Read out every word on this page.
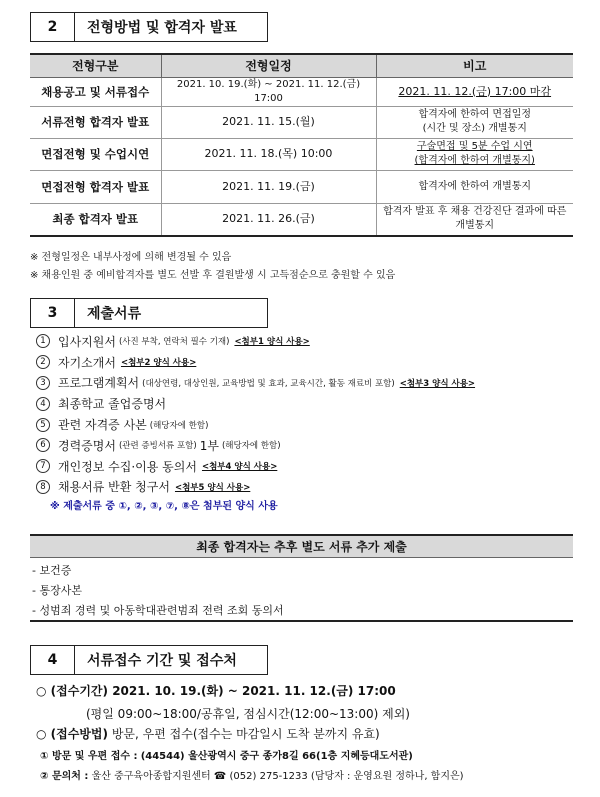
2	전형방법 및 합격자 발표
전형구분	전형일정	비고
채용공고 및 서류접수	2021. 10. 19.(화) ~ 2021. 11. 12.(금) 17:00	2021. 11. 12.(금) 17:00 마감
서류전형 합격자 발표	2021. 11. 15.(월)	합격자에 한하여 면접일정
(시간 및 장소) 개별통지

면접전형 및 수업시연	2021. 11. 18.(목) 10:00	구술면접 및 5분 수업 시연
(합격자에 한하여 개별통지)

면접전형 합격자 발표	2021. 11. 19.(금)	합격자에 한하여 개별통지
최종 합격자 발표	2021. 11. 26.(금)	합격자 발표 후 채용 건강진단 결과에 따른
개별통지
※ 전형일정은 내부사정에 의해 변경될 수 있음
※ 채용인원 중 예비합격자를 별도 선발 후 결원발생 시 고득점순으로 충원할 수 있음
3	제출서류
1	입사지원서 (사진 부착, 연락처 필수 기재) <첨부1 양식 사용>
2	자기소개서 <첨부2 양식 사용>
3	프로그램계획서 (대상연령, 대상인원, 교육방법 및 효과, 교육시간, 활동 재료비 포함) <첨부3 양식 사용>
4	최종학교 졸업증명서
5	관련 자격증 사본 (해당자에 한함)
6	경력증명서 (관련 증빙서류 포함) 1부 (해당자에 한함)
7	개인정보 수집·이용 동의서 <첨부4 양식 사용>
8	채용서류 반환 청구서 <첨부5 양식 사용>
※ 제출서류 중 ①, ②, ③, ⑦, ⑧은 첨부된 양식 사용
최종 합격자는 추후 별도 서류 추가 제출
- 보건증
- 통장사본
- 성범죄 경력 및 아동학대관련범죄 전력 조회 동의서
4	서류접수 기간 및 접수처
○ (접수기간) 2021. 10. 19.(화) ~ 2021. 11. 12.(금) 17:00
(평일 09:00~18:00/공휴일, 점심시간(12:00~13:00) 제외)
○ (접수방법) 방문, 우편 접수(접수는 마감일시 도착 분까지 유효)
① 방문 및 우편 접수 : (44544) 울산광역시 중구 종가8길 66(1층 지혜등대도서관)
② 문의처 : 울산 중구육아종합지원센터 ☎ (052) 275-1233 (담당자 : 운영요원 정하나, 함지은)
